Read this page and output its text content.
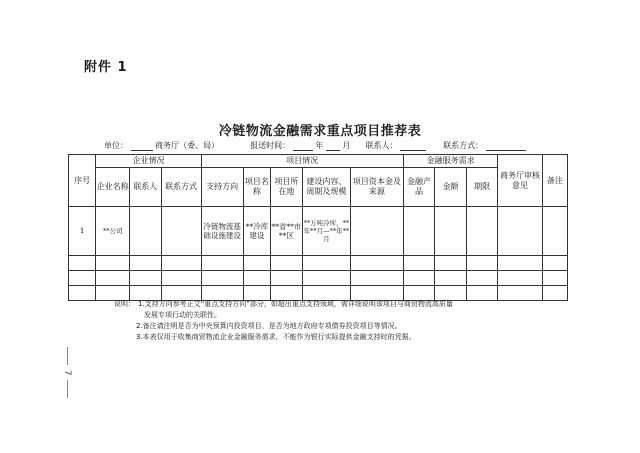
附件 1
冷链物流金融需求重点项目推荐表
单位：	商务厅（委、局）	报送时间：	年 月 联系人：	联系方式：
序号	企业情况			项目情况					金融服务需求			商务厅审核意见	备注
	企业名称	联系人	联系方式	支持方向	项目名称	项目所在地	建设内容、周期及规模	项目资本金及来源	金融产品	金额	期限		
1	**公司			冷链物流基础设施建设	**冷库建设	**省**市**区	**万吨冷库，**年**月—**年**月						

说明： 1.支持方向参考正文“重点支持方向”部分，如超出重点支持领域，需详细说明该项目与商贸物流高质量
发展专项行动的关联性。
2.备注请注明是否为中央预算内投资项目、是否为地方政府专项债券投资项目等情况。
3.本表仅用于收集商贸物流企业金融服务需求，不能作为银行实际提供金融支持时的凭据。
7
